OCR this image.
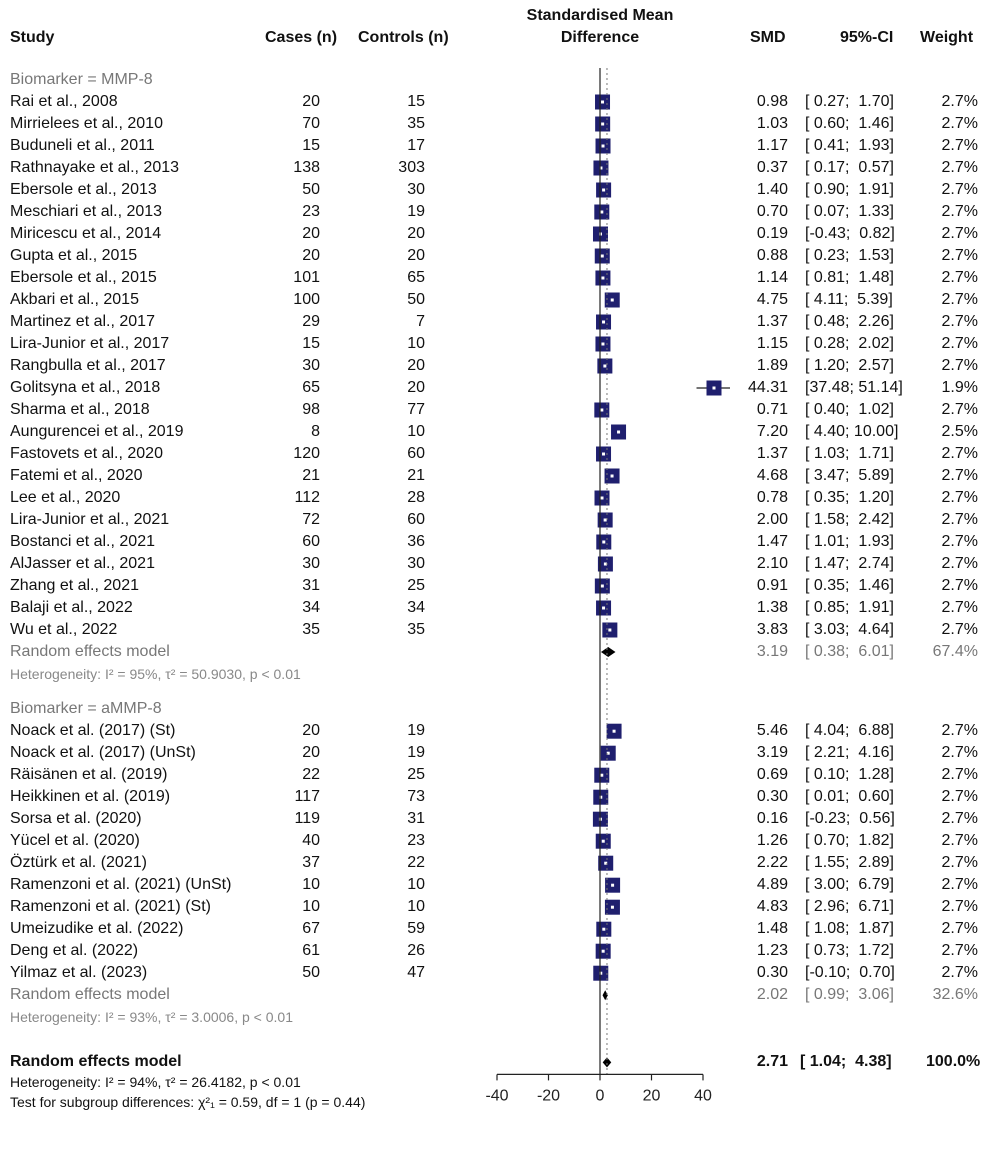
Study	Cases (n) Controls (n)
Standardised Mean
Difference	SMD	95%-CI Weight
Biomarker = MMP-8
Rai et al., 2008	20	15	0.98 [ 0.27;  1.70]	2.7%
Mirrielees et al., 2010	70	35	1.03 [ 0.60;  1.46]	2.7%
Buduneli et al., 2011	15	17	1.17 [ 0.41;  1.93]	2.7%
Rathnayake et al., 2013	138	303	0.37 [ 0.17;  0.57]	2.7%
Ebersole et al., 2013	50	30	1.40 [ 0.90;  1.91]	2.7%
Meschiari et al., 2013	23	19	0.70 [ 0.07;  1.33]	2.7%
Miricescu et al., 2014	20	20	0.19 [-0.43;  0.82]	2.7%
Gupta et al., 2015	20	20	0.88 [ 0.23;  1.53]	2.7%
Ebersole et al., 2015	101	65	1.14 [ 0.81;  1.48]	2.7%
Akbari et al., 2015	100	50	4.75 [ 4.11;  5.39]	2.7%
Martinez et al., 2017	29	7	1.37 [ 0.48;  2.26]	2.7%
Lira-Junior et al., 2017	15	10	1.15 [ 0.28;  2.02]	2.7%
Rangbulla et al., 2017	30	20	1.89 [ 1.20;  2.57]	2.7%
Golitsyna et al., 2018	65	20	44.31 [37.48; 51.14]	1.9%
Sharma et al., 2018	98	77	0.71 [ 0.40;  1.02]	2.7%
Aungurencei et al., 2019	8	10	7.20 [ 4.40; 10.00]	2.5%
Fastovets et al., 2020	120	60	1.37 [ 1.03;  1.71]	2.7%
Fatemi et al., 2020	21	21	4.68 [ 3.47;  5.89]	2.7%
Lee et al., 2020	112	28	0.78 [ 0.35;  1.20]	2.7%
Lira-Junior et al., 2021	72	60	2.00 [ 1.58;  2.42]	2.7%
Bostanci et al., 2021	60	36	1.47 [ 1.01;  1.93]	2.7%
AlJasser et al., 2021	30	30	2.10 [ 1.47;  2.74]	2.7%
Zhang et al., 2021	31	25	0.91 [ 0.35;  1.46]	2.7%
Balaji et al., 2022	34	34	1.38 [ 0.85;  1.91]	2.7%
Wu et al., 2022	35	35	3.83 [ 3.03;  4.64]	2.7%
Random effects model	3.19 [ 0.38;  6.01] 67.4%
Heterogeneity: I² = 95%, τ² = 50.9030, p < 0.01
Biomarker = aMMP-8
Noack et al. (2017) (St)	20	19	5.46 [ 4.04;  6.88]	2.7%
Noack et al. (2017) (UnSt)	20	19	3.19 [ 2.21;  4.16]	2.7%
Räisänen et al. (2019)	22	25	0.69 [ 0.10;  1.28]	2.7%
Heikkinen et al. (2019)	117	73	0.30 [ 0.01;  0.60]	2.7%
Sorsa et al. (2020)	119	31	0.16 [-0.23;  0.56]	2.7%
Yücel et al. (2020)	40	23	1.26 [ 0.70;  1.82]	2.7%
Öztürk et al. (2021)	37	22	2.22 [ 1.55;  2.89]	2.7%
Ramenzoni et al. (2021) (UnSt)	10	10	4.89 [ 3.00;  6.79]	2.7%
Ramenzoni et al. (2021) (St)	10	10	4.83 [ 2.96;  6.71]	2.7%
Umeizudike et al. (2022)	67	59	1.48 [ 1.08;  1.87]	2.7%
Deng et al. (2022)	61	26	1.23 [ 0.73;  1.72]	2.7%
Yilmaz et al. (2023)	50	47	0.30 [-0.10;  0.70]	2.7%
Random effects model	2.02 [ 0.99;  3.06] 32.6%
Heterogeneity: I² = 93%, τ² = 3.0006, p < 0.01
Random effects model	2.71 [ 1.04;  4.38] 100.0%
Heterogeneity: I² = 94%, τ² = 26.4182, p < 0.01
Test for subgroup differences: χ²₁ = 0.59, df = 1 (p = 0.44)	-40 -20 0 20 40
